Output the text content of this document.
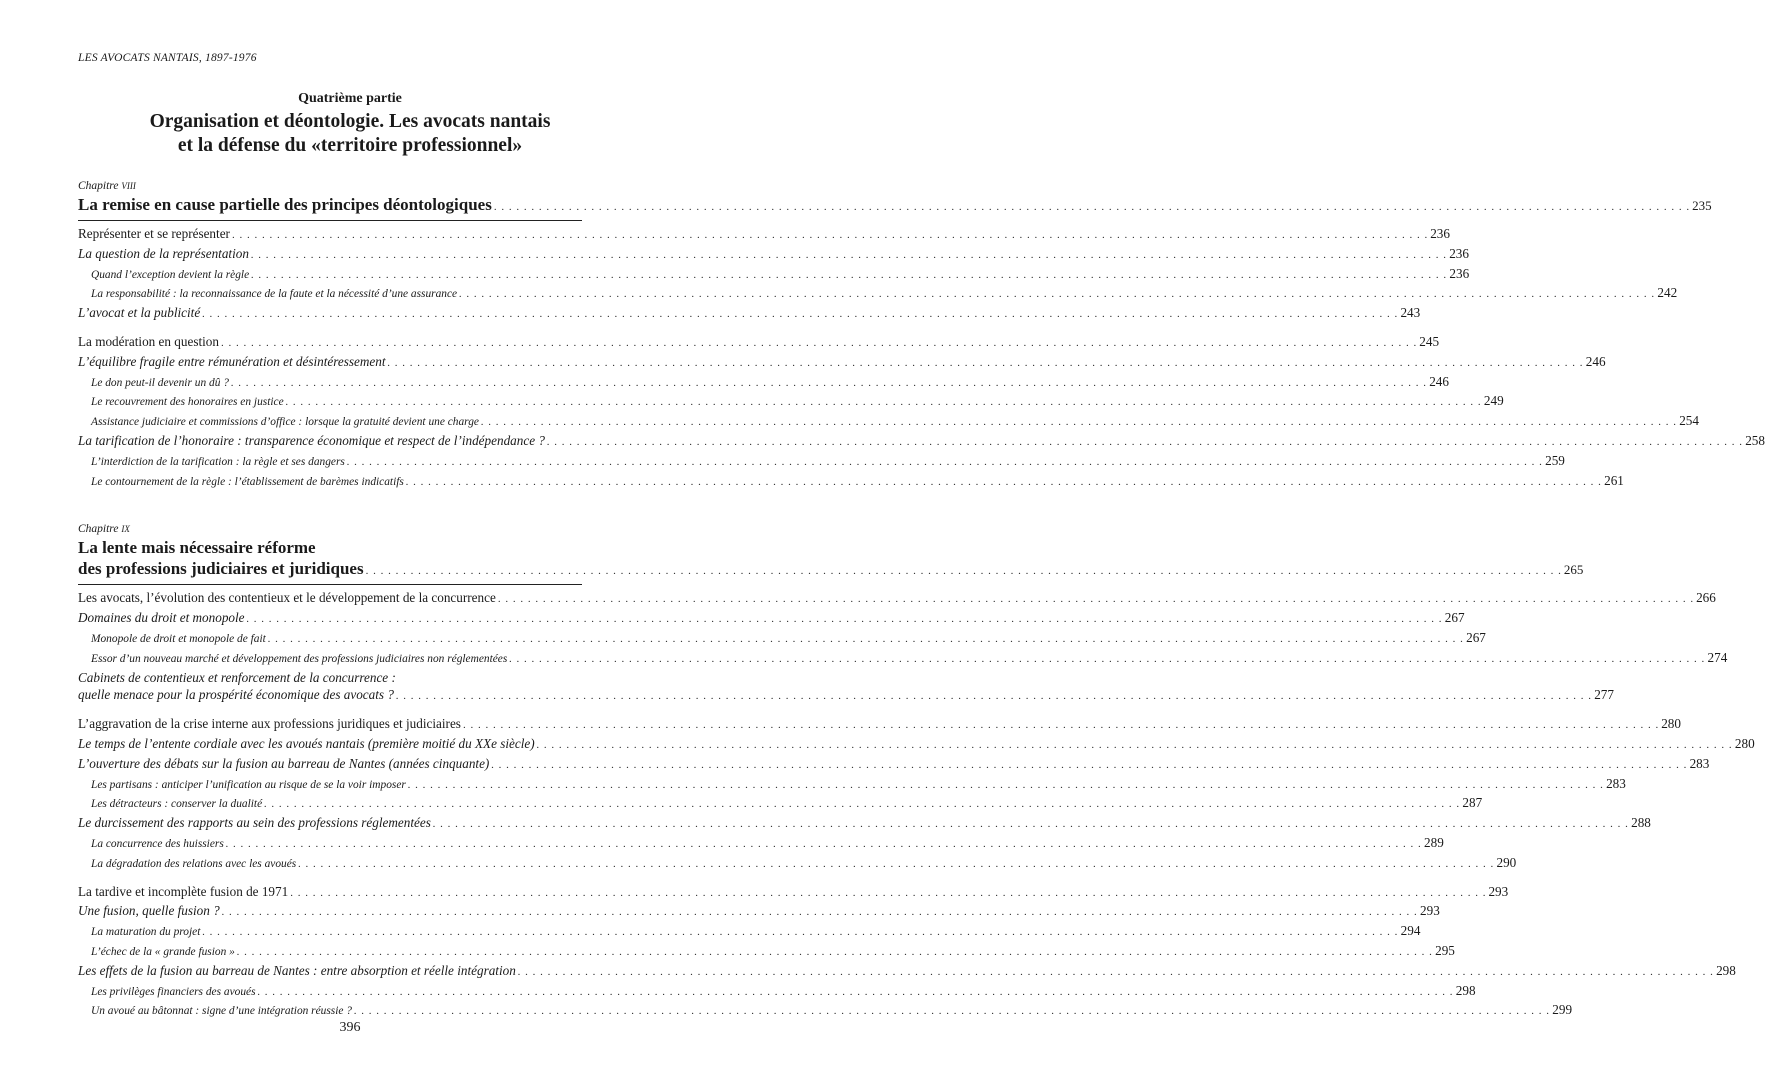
LES AVOCATS NANTAIS, 1897-1976
Quatrième partie
Organisation et déontologie. Les avocats nantais
et la défense du «territoire professionnel»
Chapitre VIII
La remise en cause partielle des principes déontologiques . . . . . . . . . . . . . . . . . . . . . . . . . . . . . . . . . . . . . . . . . . . . . . . . . . . . . . . . . . . . . . . . . . . . . . . . . . . . . . . . . . . . . . . . . . . . . . . . . . . . . . . . . . . . . . . . . . . . . . . . . . . . . . . . . . . . . . . . . . . . . . . . . . . . . . . . . . . . . . . . 235
Représenter et se représenter . . . . . . . . . . . . . . . . . . . . . . . . . . . . . . . . . . . . . . . . . . . . . . . . . . . . . . . . . . . . . . . . . . . . . . . . . . . . . . . . . . . . . . . . . . . . . . . . . . . . . . . . . . . . . . . . . . . . . . . . . . . . . . . . . . . . . . . . . . . . . . . . . . . . . . . . . . . . . . . . 236
La question de la représentation . . . . . . . . . . . . . . . . . . . . . . . . . . . . . . . . . . . . . . . . . . . . . . . . . . . . . . . . . . . . . . . . . . . . . . . . . . . . . . . . . . . . . . . . . . . . . . . . . . . . . . . . . . . . . . . . . . . . . . . . . . . . . . . . . . . . . . . . . . . . . . . . . . . . . . . . . . . . . . . . 236
Quand l’exception devient la règle . . . . . . . . . . . . . . . . . . . . . . . . . . . . . . . . . . . . . . . . . . . . . . . . . . . . . . . . . . . . . . . . . . . . . . . . . . . . . . . . . . . . . . . . . . . . . . . . . . . . . . . . . . . . . . . . . . . . . . . . . . . . . . . . . . . . . . . . . . . . . . . . . . . . . . . . . . . . . . . . 236
La responsabilité : la reconnaissance de la faute et la nécessité d’une assurance . . . . . . . . . . . . . . . . . . . . . . . . . . . . . . . . . . . . . . . . . . . . . . . . . . . . . . . . . . . . . . . . . . . . . . . . . . . . . . . . . . . . . . . . . . . . . . . . . . . . . . . . . . . . . . . . . . . . . . . . . . . . . . . . . . . . . . . . . . . . . . . . . . . . . . . . . . . . . . . . 242
L’avocat et la publicité . . . . . . . . . . . . . . . . . . . . . . . . . . . . . . . . . . . . . . . . . . . . . . . . . . . . . . . . . . . . . . . . . . . . . . . . . . . . . . . . . . . . . . . . . . . . . . . . . . . . . . . . . . . . . . . . . . . . . . . . . . . . . . . . . . . . . . . . . . . . . . . . . . . . . . . . . . . . . . . . 243
La modération en question . . . . . . . . . . . . . . . . . . . . . . . . . . . . . . . . . . . . . . . . . . . . . . . . . . . . . . . . . . . . . . . . . . . . . . . . . . . . . . . . . . . . . . . . . . . . . . . . . . . . . . . . . . . . . . . . . . . . . . . . . . . . . . . . . . . . . . . . . . . . . . . . . . . . . . . . . . . . . . . . 245
L’équilibre fragile entre rémunération et désintéressement . . . . . . . . . . . . . . . . . . . . . . . . . . . . . . . . . . . . . . . . . . . . . . . . . . . . . . . . . . . . . . . . . . . . . . . . . . . . . . . . . . . . . . . . . . . . . . . . . . . . . . . . . . . . . . . . . . . . . . . . . . . . . . . . . . . . . . . . . . . . . . . . . . . . . . . . . . . . . . . . 246
Le don peut-il devenir un dû ? . . . . . . . . . . . . . . . . . . . . . . . . . . . . . . . . . . . . . . . . . . . . . . . . . . . . . . . . . . . . . . . . . . . . . . . . . . . . . . . . . . . . . . . . . . . . . . . . . . . . . . . . . . . . . . . . . . . . . . . . . . . . . . . . . . . . . . . . . . . . . . . . . . . . . . . . . . . . . . . . 246
Le recouvrement des honoraires en justice . . . . . . . . . . . . . . . . . . . . . . . . . . . . . . . . . . . . . . . . . . . . . . . . . . . . . . . . . . . . . . . . . . . . . . . . . . . . . . . . . . . . . . . . . . . . . . . . . . . . . . . . . . . . . . . . . . . . . . . . . . . . . . . . . . . . . . . . . . . . . . . . . . . . . . . . . . . . . . . . 249
Assistance judiciaire et commissions d’office : lorsque la gratuité devient une charge . . . . . . . . . . . . . . . . . . . . . . . . . . . . . . . . . . . . . . . . . . . . . . . . . . . . . . . . . . . . . . . . . . . . . . . . . . . . . . . . . . . . . . . . . . . . . . . . . . . . . . . . . . . . . . . . . . . . . . . . . . . . . . . . . . . . . . . . . . . . . . . . . . . . . . . . . . . . . . . . 254
La tarification de l’honoraire : transparence économique et respect de l’indépendance ? . . . . . . . . . . . . . . . . . . . . . . . . . . . . . . . . . . . . . . . . . . . . . . . . . . . . . . . . . . . . . . . . . . . . . . . . . . . . . . . . . . . . . . . . . . . . . . . . . . . . . . . . . . . . . . . . . . . . . . . . . . . . . . . . . . . . . . . . . . . . . . . . . . . . . . . . . . . . . . . . 258
L’interdiction de la tarification : la règle et ses dangers . . . . . . . . . . . . . . . . . . . . . . . . . . . . . . . . . . . . . . . . . . . . . . . . . . . . . . . . . . . . . . . . . . . . . . . . . . . . . . . . . . . . . . . . . . . . . . . . . . . . . . . . . . . . . . . . . . . . . . . . . . . . . . . . . . . . . . . . . . . . . . . . . . . . . . . . . . . . . . . . 259
Le contournement de la règle : l’établissement de barèmes indicatifs . . . . . . . . . . . . . . . . . . . . . . . . . . . . . . . . . . . . . . . . . . . . . . . . . . . . . . . . . . . . . . . . . . . . . . . . . . . . . . . . . . . . . . . . . . . . . . . . . . . . . . . . . . . . . . . . . . . . . . . . . . . . . . . . . . . . . . . . . . . . . . . . . . . . . . . . . . . . . . . . 261
Chapitre IX
La lente mais nécessaire réforme
des professions judiciaires et juridiques . . . . . . . . . . . . . . . . . . . . . . . . . . . . . . . . . . . . . . . . . . . . . . . . . . . . . . . . . . . . . . . . . . . . . . . . . . . . . . . . . . . . . . . . . . . . . . . . . . . . . . . . . . . . . . . . . . . . . . . . . . . . . . . . . . . . . . . . . . . . . . . . . . . . . . . . . . . . . . . . 265
Les avocats, l’évolution des contentieux et le développement de la concurrence . . . . . . . . . . . . . . . . . . . . . . . . . . . . . . . . . . . . . . . . . . . . . . . . . . . . . . . . . . . . . . . . . . . . . . . . . . . . . . . . . . . . . . . . . . . . . . . . . . . . . . . . . . . . . . . . . . . . . . . . . . . . . . . . . . . . . . . . . . . . . . . . . . . . . . . . . . . . . . . . 266
Domaines du droit et monopole . . . . . . . . . . . . . . . . . . . . . . . . . . . . . . . . . . . . . . . . . . . . . . . . . . . . . . . . . . . . . . . . . . . . . . . . . . . . . . . . . . . . . . . . . . . . . . . . . . . . . . . . . . . . . . . . . . . . . . . . . . . . . . . . . . . . . . . . . . . . . . . . . . . . . . . . . . . . . . . . 267
Monopole de droit et monopole de fait . . . . . . . . . . . . . . . . . . . . . . . . . . . . . . . . . . . . . . . . . . . . . . . . . . . . . . . . . . . . . . . . . . . . . . . . . . . . . . . . . . . . . . . . . . . . . . . . . . . . . . . . . . . . . . . . . . . . . . . . . . . . . . . . . . . . . . . . . . . . . . . . . . . . . . . . . . . . . . . . 267
Essor d’un nouveau marché et développement des professions judiciaires non réglementées . . . . . . . . . . . . . . . . . . . . . . . . . . . . . . . . . . . . . . . . . . . . . . . . . . . . . . . . . . . . . . . . . . . . . . . . . . . . . . . . . . . . . . . . . . . . . . . . . . . . . . . . . . . . . . . . . . . . . . . . . . . . . . . . . . . . . . . . . . . . . . . . . . . . . . . . . . . . . . . . 274
Cabinets de contentieux et renforcement de la concurrence :
quelle menace pour la prospérité économique des avocats ? . . . . . . . . . . . . . . . . . . . . . . . . . . . . . . . . . . . . . . . . . . . . . . . . . . . . . . . . . . . . . . . . . . . . . . . . . . . . . . . . . . . . . . . . . . . . . . . . . . . . . . . . . . . . . . . . . . . . . . . . . . . . . . . . . . . . . . . . . . . . . . . . . . . . . . . . . . . . . . . . 277
L’aggravation de la crise interne aux professions juridiques et judiciaires . . . . . . . . . . . . . . . . . . . . . . . . . . . . . . . . . . . . . . . . . . . . . . . . . . . . . . . . . . . . . . . . . . . . . . . . . . . . . . . . . . . . . . . . . . . . . . . . . . . . . . . . . . . . . . . . . . . . . . . . . . . . . . . . . . . . . . . . . . . . . . . . . . . . . . . . . . . . . . . . 280
Le temps de l’entente cordiale avec les avoués nantais (première moitié du XXe siècle) . . . . . . . . . . . . . . . . . . . . . . . . . . . . . . . . . . . . . . . . . . . . . . . . . . . . . . . . . . . . . . . . . . . . . . . . . . . . . . . . . . . . . . . . . . . . . . . . . . . . . . . . . . . . . . . . . . . . . . . . . . . . . . . . . . . . . . . . . . . . . . . . . . . . . . . . . . . . . . . . 280
L’ouverture des débats sur la fusion au barreau de Nantes (années cinquante) . . . . . . . . . . . . . . . . . . . . . . . . . . . . . . . . . . . . . . . . . . . . . . . . . . . . . . . . . . . . . . . . . . . . . . . . . . . . . . . . . . . . . . . . . . . . . . . . . . . . . . . . . . . . . . . . . . . . . . . . . . . . . . . . . . . . . . . . . . . . . . . . . . . . . . . . . . . . . . . . 283
Les partisans : anticiper l’unification au risque de se la voir imposer . . . . . . . . . . . . . . . . . . . . . . . . . . . . . . . . . . . . . . . . . . . . . . . . . . . . . . . . . . . . . . . . . . . . . . . . . . . . . . . . . . . . . . . . . . . . . . . . . . . . . . . . . . . . . . . . . . . . . . . . . . . . . . . . . . . . . . . . . . . . . . . . . . . . . . . . . . . . . . . . 283
Les détracteurs : conserver la dualité . . . . . . . . . . . . . . . . . . . . . . . . . . . . . . . . . . . . . . . . . . . . . . . . . . . . . . . . . . . . . . . . . . . . . . . . . . . . . . . . . . . . . . . . . . . . . . . . . . . . . . . . . . . . . . . . . . . . . . . . . . . . . . . . . . . . . . . . . . . . . . . . . . . . . . . . . . . . . . . . 287
Le durcissement des rapports au sein des professions réglementées . . . . . . . . . . . . . . . . . . . . . . . . . . . . . . . . . . . . . . . . . . . . . . . . . . . . . . . . . . . . . . . . . . . . . . . . . . . . . . . . . . . . . . . . . . . . . . . . . . . . . . . . . . . . . . . . . . . . . . . . . . . . . . . . . . . . . . . . . . . . . . . . . . . . . . . . . . . . . . . . 288
La concurrence des huissiers . . . . . . . . . . . . . . . . . . . . . . . . . . . . . . . . . . . . . . . . . . . . . . . . . . . . . . . . . . . . . . . . . . . . . . . . . . . . . . . . . . . . . . . . . . . . . . . . . . . . . . . . . . . . . . . . . . . . . . . . . . . . . . . . . . . . . . . . . . . . . . . . . . . . . . . . . . . . . . . . 289
La dégradation des relations avec les avoués . . . . . . . . . . . . . . . . . . . . . . . . . . . . . . . . . . . . . . . . . . . . . . . . . . . . . . . . . . . . . . . . . . . . . . . . . . . . . . . . . . . . . . . . . . . . . . . . . . . . . . . . . . . . . . . . . . . . . . . . . . . . . . . . . . . . . . . . . . . . . . . . . . . . . . . . . . . . . . . . 290
La tardive et incomplète fusion de 1971 . . . . . . . . . . . . . . . . . . . . . . . . . . . . . . . . . . . . . . . . . . . . . . . . . . . . . . . . . . . . . . . . . . . . . . . . . . . . . . . . . . . . . . . . . . . . . . . . . . . . . . . . . . . . . . . . . . . . . . . . . . . . . . . . . . . . . . . . . . . . . . . . . . . . . . . . . . . . . . . . 293
Une fusion, quelle fusion ? . . . . . . . . . . . . . . . . . . . . . . . . . . . . . . . . . . . . . . . . . . . . . . . . . . . . . . . . . . . . . . . . . . . . . . . . . . . . . . . . . . . . . . . . . . . . . . . . . . . . . . . . . . . . . . . . . . . . . . . . . . . . . . . . . . . . . . . . . . . . . . . . . . . . . . . . . . . . . . . . 293
La maturation du projet . . . . . . . . . . . . . . . . . . . . . . . . . . . . . . . . . . . . . . . . . . . . . . . . . . . . . . . . . . . . . . . . . . . . . . . . . . . . . . . . . . . . . . . . . . . . . . . . . . . . . . . . . . . . . . . . . . . . . . . . . . . . . . . . . . . . . . . . . . . . . . . . . . . . . . . . . . . . . . . . 294
L’échec de la « grande fusion » . . . . . . . . . . . . . . . . . . . . . . . . . . . . . . . . . . . . . . . . . . . . . . . . . . . . . . . . . . . . . . . . . . . . . . . . . . . . . . . . . . . . . . . . . . . . . . . . . . . . . . . . . . . . . . . . . . . . . . . . . . . . . . . . . . . . . . . . . . . . . . . . . . . . . . . . . . . . . . . . 295
Les effets de la fusion au barreau de Nantes : entre absorption et réelle intégration . . . . . . . . . . . . . . . . . . . . . . . . . . . . . . . . . . . . . . . . . . . . . . . . . . . . . . . . . . . . . . . . . . . . . . . . . . . . . . . . . . . . . . . . . . . . . . . . . . . . . . . . . . . . . . . . . . . . . . . . . . . . . . . . . . . . . . . . . . . . . . . . . . . . . . . . . . . . . . . . 298
Les privilèges financiers des avoués . . . . . . . . . . . . . . . . . . . . . . . . . . . . . . . . . . . . . . . . . . . . . . . . . . . . . . . . . . . . . . . . . . . . . . . . . . . . . . . . . . . . . . . . . . . . . . . . . . . . . . . . . . . . . . . . . . . . . . . . . . . . . . . . . . . . . . . . . . . . . . . . . . . . . . . . . . . . . . . . 298
Un avoué au bâtonnat : signe d’une intégration réussie ? . . . . . . . . . . . . . . . . . . . . . . . . . . . . . . . . . . . . . . . . . . . . . . . . . . . . . . . . . . . . . . . . . . . . . . . . . . . . . . . . . . . . . . . . . . . . . . . . . . . . . . . . . . . . . . . . . . . . . . . . . . . . . . . . . . . . . . . . . . . . . . . . . . . . . . . . . . . . . . . . 299
396
